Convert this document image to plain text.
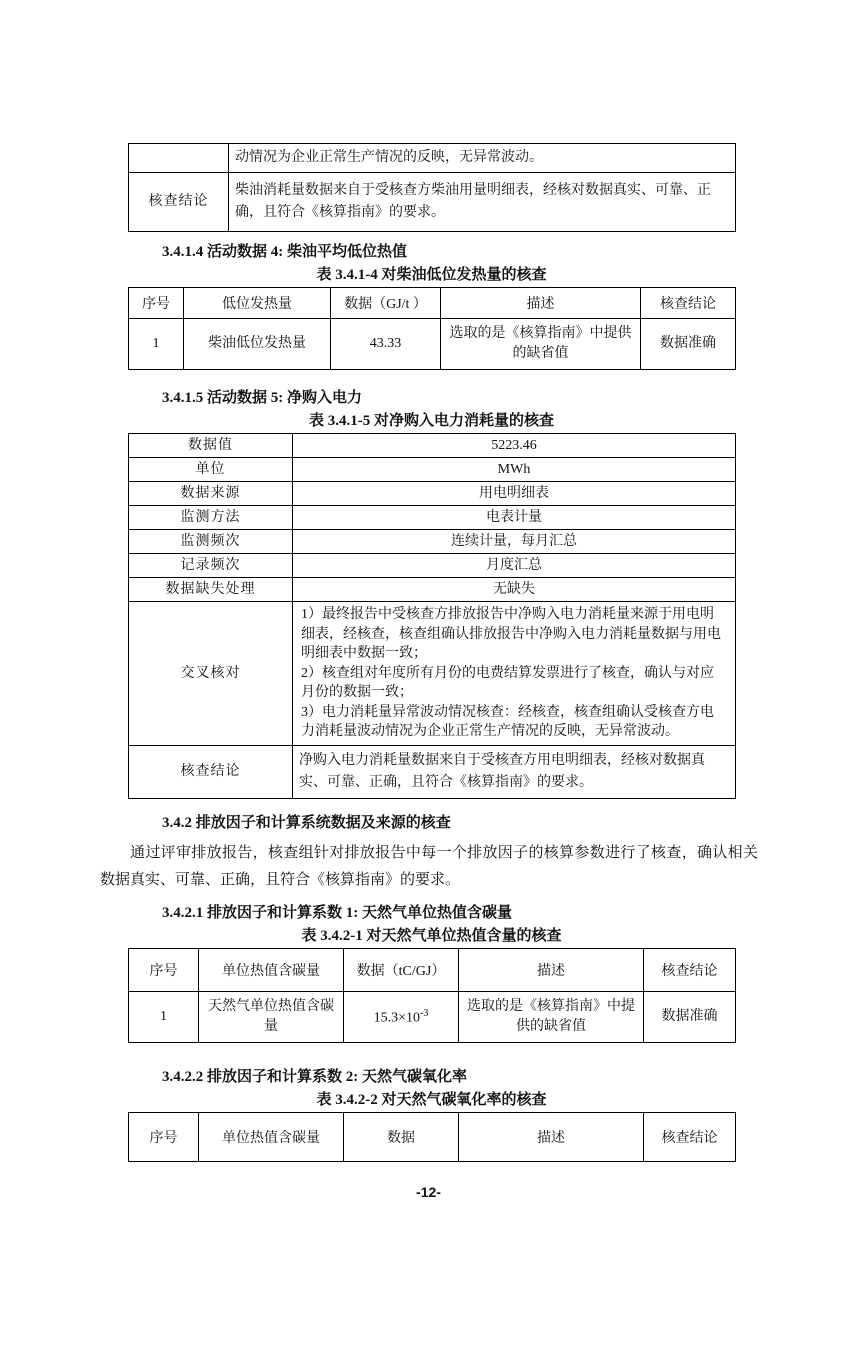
	动情况为企业正常生产情况的反映，无异常波动。
核查结论	柴油消耗量数据来自于受核查方柴油用量明细表，经核对数据真实、可靠、正确，且符合《核算指南》的要求。
3.4.1.4 活动数据 4: 柴油平均低位热值
表 3.4.1-4 对柴油低位发热量的核查
序号	低位发热量	数据（GJ/t ）	描述	核查结论
1	柴油低位发热量	43.33	选取的是《核算指南》中提供的缺省值	数据准确
3.4.1.5 活动数据 5: 净购入电力
表 3.4.1-5 对净购入电力消耗量的核查
数据值	5223.46
单位	MWh
数据来源	用电明细表
监测方法	电表计量
监测频次	连续计量，每月汇总
记录频次	月度汇总
数据缺失处理	无缺失
交叉核对	1）最终报告中受核查方排放报告中净购入电力消耗量来源于用电明细表，经核查，核查组确认排放报告中净购入电力消耗量数据与用电明细表中数据一致；
2）核查组对年度所有月份的电费结算发票进行了核查，确认与对应月份的数据一致；
3）电力消耗量异常波动情况核查：经核查，核查组确认受核查方电力消耗量波动情况为企业正常生产情况的反映，无异常波动。

核查结论	净购入电力消耗量数据来自于受核查方用电明细表，经核对数据真实、可靠、正确，且符合《核算指南》的要求。
3.4.2 排放因子和计算系统数据及来源的核查
通过评审排放报告，核查组针对排放报告中每一个排放因子的核算参数进行了核查，确认相关数据真实、可靠、正确，且符合《核算指南》的要求。
3.4.2.1 排放因子和计算系数 1: 天然气单位热值含碳量
表 3.4.2-1 对天然气单位热值含量的核查
序号	单位热值含碳量	数据（tC/GJ）	描述	核查结论
1	天然气单位热值含碳量	$15.3\times 10^{-3}$	选取的是《核算指南》中提供的缺省值	数据准确
3.4.2.2 排放因子和计算系数 2: 天然气碳氧化率
表 3.4.2-2 对天然气碳氧化率的核查
序号	单位热值含碳量	数据	描述	核查结论
-12-
